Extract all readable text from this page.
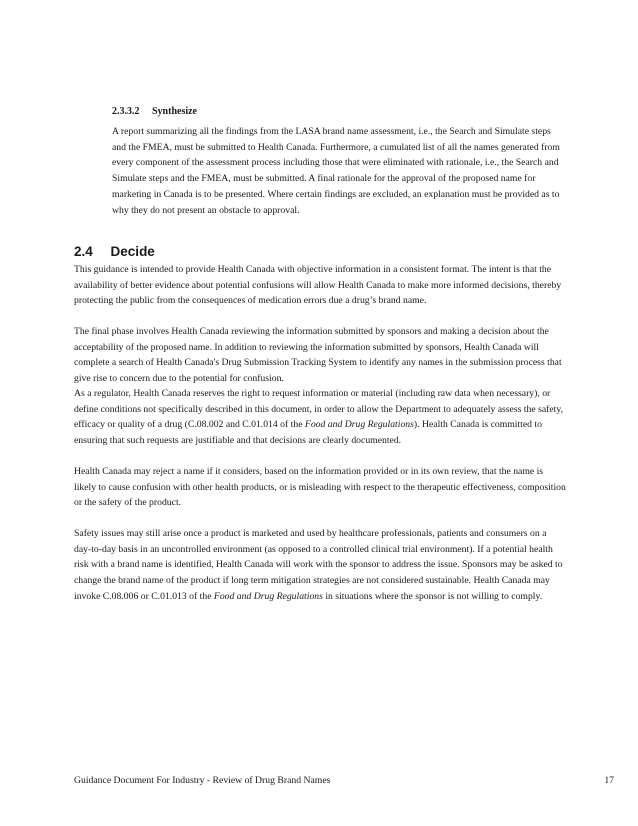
2.3.3.2 Synthesize

A report summarizing all the findings from the LASA brand name assessment, i.e., the Search and Simulate steps and the FMEA, must be submitted to Health Canada. Furthermore, a cumulated list of all the names generated from every component of the assessment process including those that were eliminated with rationale, i.e., the Search and Simulate steps and the FMEA, must be submitted. A final rationale for the approval of the proposed name for marketing in Canada is to be presented. Where certain findings are excluded, an explanation must be provided as to why they do not present an obstacle to approval.

2.4 Decide

This guidance is intended to provide Health Canada with objective information in a consistent format. The intent is that the availability of better evidence about potential confusions will allow Health Canada to make more informed decisions, thereby protecting the public from the consequences of medication errors due a drug’s brand name.

The final phase involves Health Canada reviewing the information submitted by sponsors and making a decision about the acceptability of the proposed name. In addition to reviewing the information submitted by sponsors, Health Canada will complete a search of Health Canada's Drug Submission Tracking System to identify any names in the submission process that give rise to concern due to the potential for confusion.

As a regulator, Health Canada reserves the right to request information or material (including raw data when necessary), or define conditions not specifically described in this document, in order to allow the Department to adequately assess the safety, efficacy or quality of a drug (C.08.002 and C.01.014 of the Food and Drug Regulations). Health Canada is committed to ensuring that such requests are justifiable and that decisions are clearly documented.

Health Canada may reject a name if it considers, based on the information provided or in its own review, that the name is likely to cause confusion with other health products, or is misleading with respect to the therapeutic effectiveness, composition or the safety of the product.

Safety issues may still arise once a product is marketed and used by healthcare professionals, patients and consumers on a day-to-day basis in an uncontrolled environment (as opposed to a controlled clinical trial environment). If a potential health risk with a brand name is identified, Health Canada will work with the sponsor to address the issue. Sponsors may be asked to change the brand name of the product if long term mitigation strategies are not considered sustainable. Health Canada may invoke C.08.006 or C.01.013 of the Food and Drug Regulations in situations where the sponsor is not willing to comply.

Guidance Document For Industry - Review of Drug Brand Names	17
